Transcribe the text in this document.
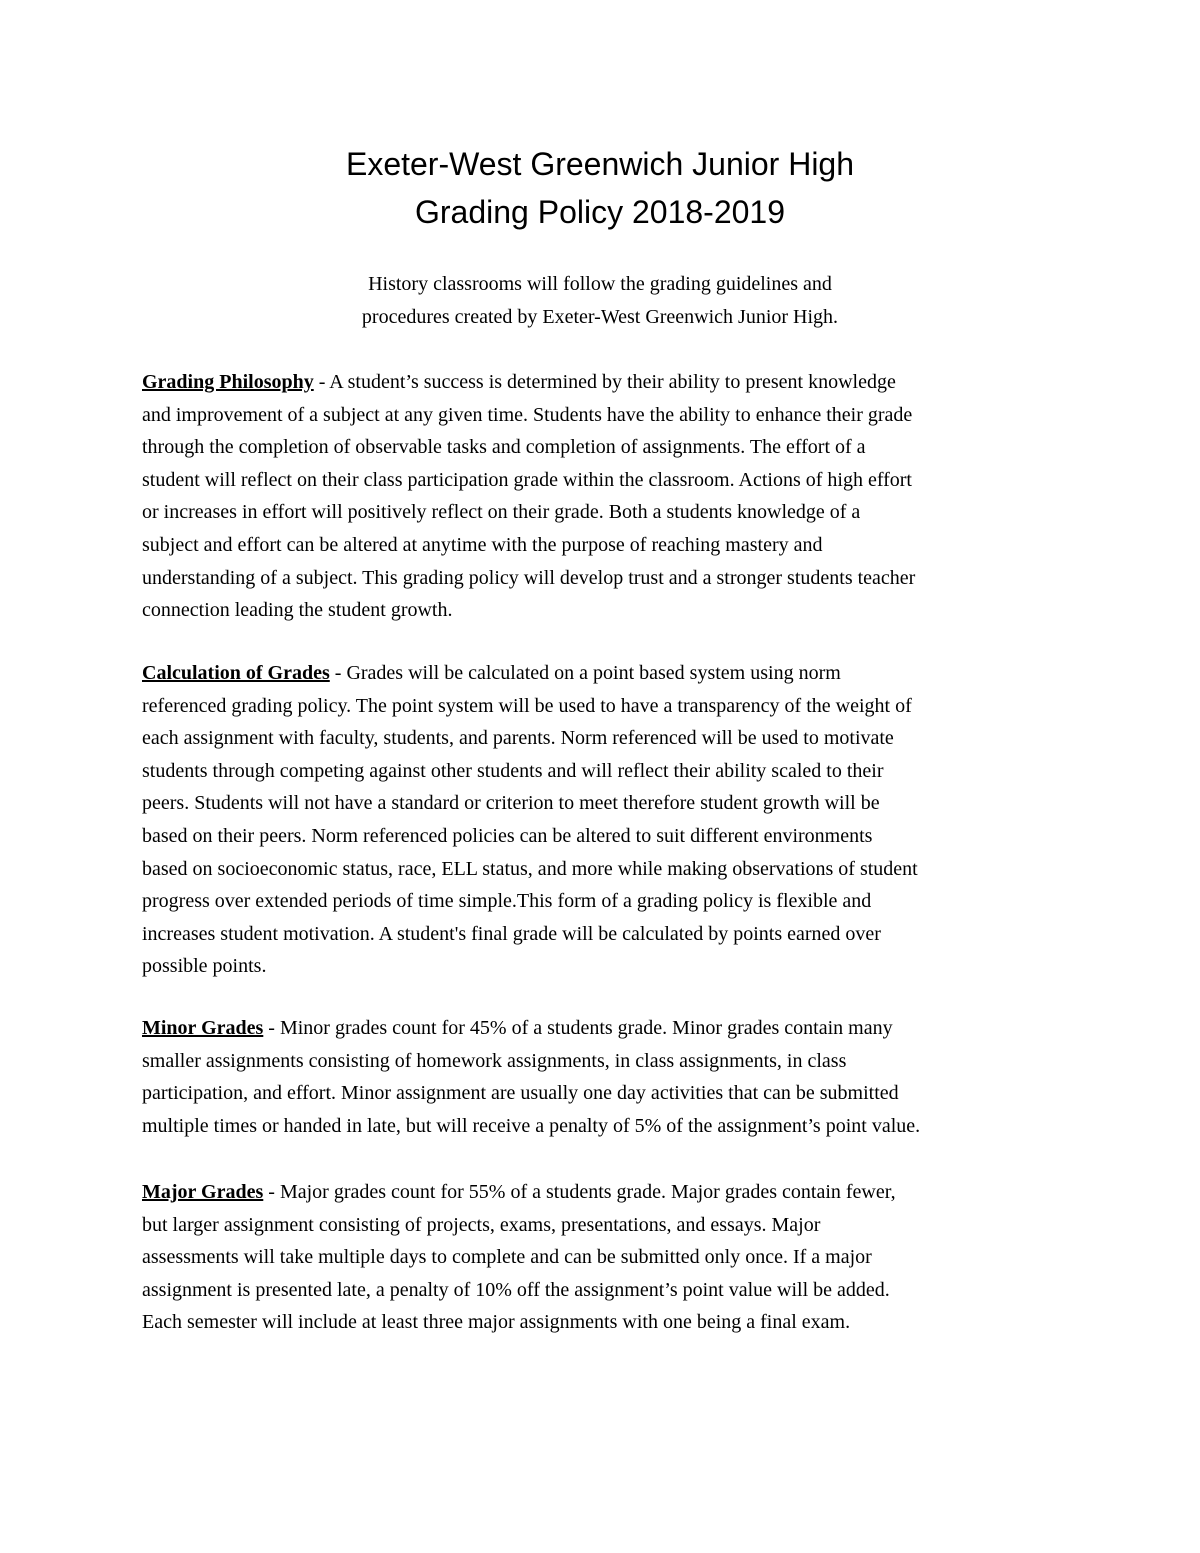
Exeter-West Greenwich Junior High
Grading Policy 2018-2019
History classrooms will follow the grading guidelines and
procedures created by Exeter-West Greenwich Junior High.
Grading Philosophy - A student’s success is determined by their ability to present knowledge
and improvement of a subject at any given time. Students have the ability to enhance their grade
through the completion of observable tasks and completion of assignments. The effort of a
student will reflect on their class participation grade within the classroom. Actions of high effort
or increases in effort will positively reflect on their grade. Both a students knowledge of a
subject and effort can be altered at anytime with the purpose of reaching mastery and
understanding of a subject. This grading policy will develop trust and a stronger students teacher
connection leading the student growth.
Calculation of Grades - Grades will be calculated on a point based system using norm
referenced grading policy. The point system will be used to have a transparency of the weight of
each assignment with faculty, students, and parents. Norm referenced will be used to motivate
students through competing against other students and will reflect their ability scaled to their
peers. Students will not have a standard or criterion to meet therefore student growth will be
based on their peers. Norm referenced policies can be altered to suit different environments
based on socioeconomic status, race, ELL status, and more while making observations of student
progress over extended periods of time simple.This form of a grading policy is flexible and
increases student motivation. A student's final grade will be calculated by points earned over
possible points.
Minor Grades - Minor grades count for 45% of a students grade. Minor grades contain many
smaller assignments consisting of homework assignments, in class assignments, in class
participation, and effort. Minor assignment are usually one day activities that can be submitted
multiple times or handed in late, but will receive a penalty of 5% of the assignment’s point value.
Major Grades - Major grades count for 55% of a students grade. Major grades contain fewer,
but larger assignment consisting of projects, exams, presentations, and essays. Major
assessments will take multiple days to complete and can be submitted only once. If a major
assignment is presented late, a penalty of 10% off the assignment’s point value will be added.
Each semester will include at least three major assignments with one being a final exam.
